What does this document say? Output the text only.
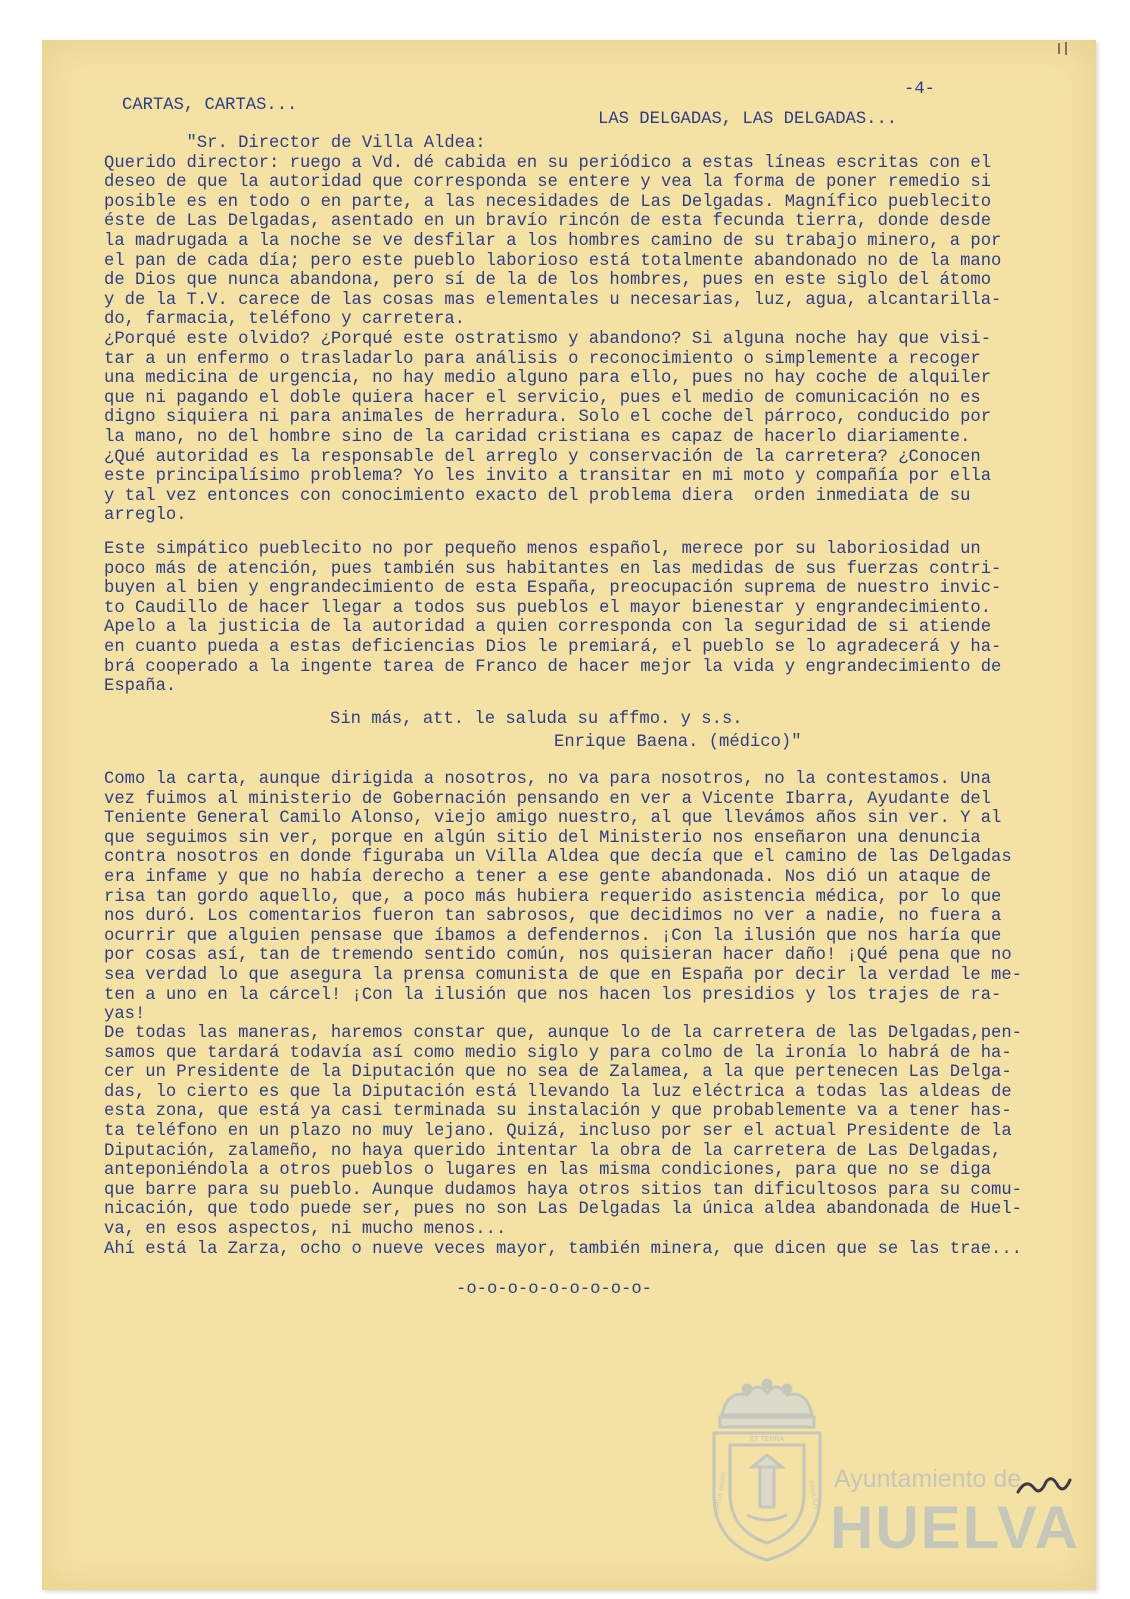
-4-
CARTAS, CARTAS...
LAS DELGADAS, LAS DELGADAS...
"Sr. Director de Villa Aldea:
Querido director: ruego a Vd. dé cabida en su periódico a estas líneas escritas con el
deseo de que la autoridad que corresponda se entere y vea la forma de poner remedio si
posible es en todo o en parte, a las necesidades de Las Delgadas. Magnífico pueblecito
éste de Las Delgadas, asentado en un bravío rincón de esta fecunda tierra, donde desde
la madrugada a la noche se ve desfilar a los hombres camino de su trabajo minero, a por
el pan de cada día; pero este pueblo laborioso está totalmente abandonado no de la mano
de Dios que nunca abandona, pero sí de la de los hombres, pues en este siglo del átomo
y de la T.V. carece de las cosas mas elementales u necesarias, luz, agua, alcantarilla-
do, farmacia, teléfono y carretera.
¿Porqué este olvido? ¿Porqué este ostratismo y abandono? Si alguna noche hay que visi-
tar a un enfermo o trasladarlo para análisis o reconocimiento o simplemente a recoger
una medicina de urgencia, no hay medio alguno para ello, pues no hay coche de alquiler
que ni pagando el doble quiera hacer el servicio, pues el medio de comunicación no es
digno siquiera ni para animales de herradura. Solo el coche del párroco, conducido por
la mano, no del hombre sino de la caridad cristiana es capaz de hacerlo diariamente.
¿Qué autoridad es la responsable del arreglo y conservación de la carretera? ¿Conocen
este principalísimo problema? Yo les invito a transitar en mi moto y compañía por ella
y tal vez entonces con conocimiento exacto del problema diera  orden inmediata de su
arreglo.
Este simpático pueblecito no por pequeño menos español, merece por su laboriosidad un
poco más de atención, pues también sus habitantes en las medidas de sus fuerzas contri-
buyen al bien y engrandecimiento de esta España, preocupación suprema de nuestro invic-
to Caudillo de hacer llegar a todos sus pueblos el mayor bienestar y engrandecimiento.
Apelo a la justicia de la autoridad a quien corresponda con la seguridad de si atiende
en cuanto pueda a estas deficiencias Dios le premiará, el pueblo se lo agradecerá y ha-
brá cooperado a la ingente tarea de Franco de hacer mejor la vida y engrandecimiento de
España.
Sin más, att. le saluda su affmo. y s.s.
Enrique Baena. (médico)"
Como la carta, aunque dirigida a nosotros, no va para nosotros, no la contestamos. Una
vez fuimos al ministerio de Gobernación pensando en ver a Vicente Ibarra, Ayudante del
Teniente General Camilo Alonso, viejo amigo nuestro, al que llevámos años sin ver. Y al
que seguimos sin ver, porque en algún sitio del Ministerio nos enseñaron una denuncia
contra nosotros en donde figuraba un Villa Aldea que decía que el camino de las Delgadas
era infame y que no había derecho a tener a ese gente abandonada. Nos dió un ataque de
risa tan gordo aquello, que, a poco más hubiera requerido asistencia médica, por lo que
nos duró. Los comentarios fueron tan sabrosos, que decidimos no ver a nadie, no fuera a
ocurrir que alguien pensase que íbamos a defendernos. ¡Con la ilusión que nos haría que
por cosas así, tan de tremendo sentido común, nos quisieran hacer daño! ¡Qué pena que no
sea verdad lo que asegura la prensa comunista de que en España por decir la verdad le me-
ten a uno en la cárcel! ¡Con la ilusión que nos hacen los presidios y los trajes de ra-
yas!
De todas las maneras, haremos constar que, aunque lo de la carretera de las Delgadas,pen-
samos que tardará todavía así como medio siglo y para colmo de la ironía lo habrá de ha-
cer un Presidente de la Diputación que no sea de Zalamea, a la que pertenecen Las Delga-
das, lo cierto es que la Diputación está llevando la luz eléctrica a todas las aldeas de
esta zona, que está ya casi terminada su instalación y que probablemente va a tener has-
ta teléfono en un plazo no muy lejano. Quizá, incluso por ser el actual Presidente de la
Diputación, zalameño, no haya querido intentar la obra de la carretera de Las Delgadas,
anteponiéndola a otros pueblos o lugares en las misma condiciones, para que no se diga
que barre para su pueblo. Aunque dudamos haya otros sitios tan dificultosos para su comu-
nicación, que todo puede ser, pues no son Las Delgadas la única aldea abandonada de Huel-
va, en esos aspectos, ni mucho menos...
Ahí está la Zarza, ocho o nueve veces mayor, también minera, que dicen que se las trae...
-o-o-o-o-o-o-o-o-o-
ET TERRA
PORTUS MARIS	INDULTUS
Ayuntamiento de
HUELVA
